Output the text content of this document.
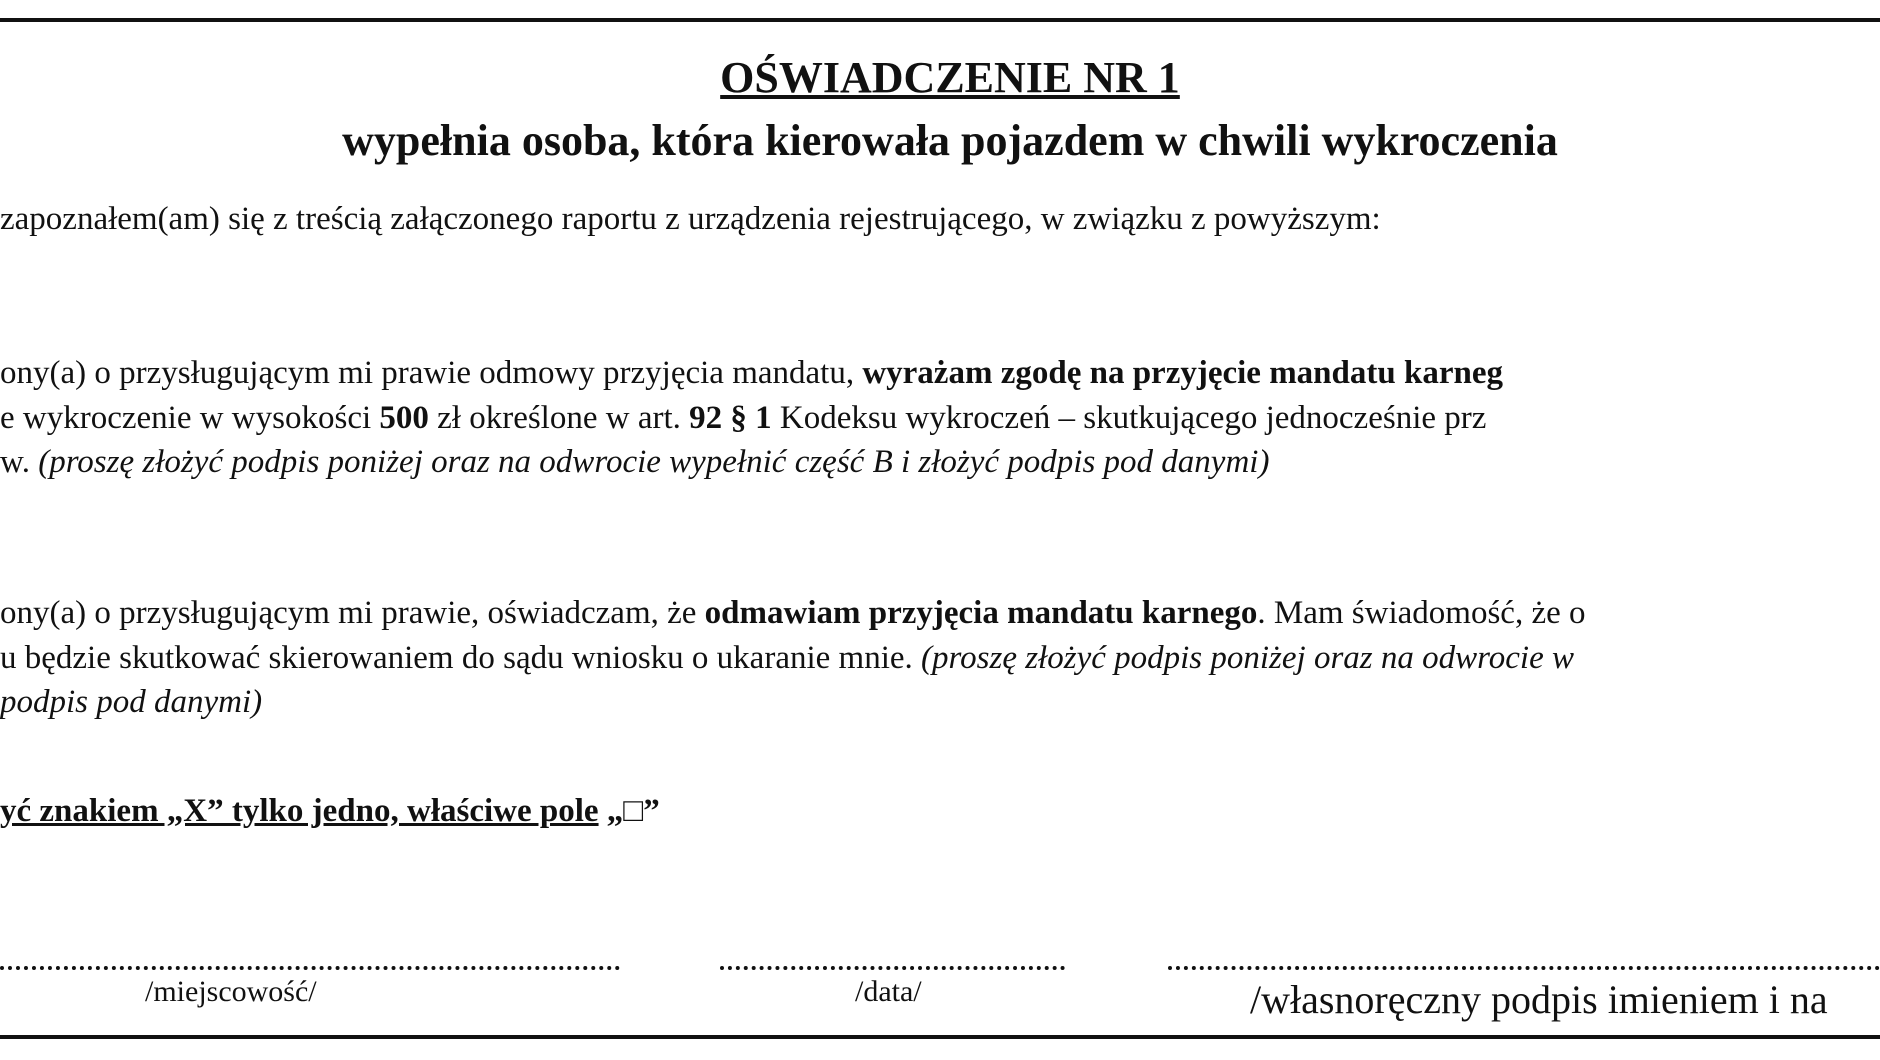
OŚWIADCZENIE NR 1
wypełnia osoba, która kierowała pojazdem w chwili wykroczenia
zapoznałem(am) się z treścią załączonego raportu z urządzenia rejestrującego, w związku z powyższym:
ony(a) o przysługującym mi prawie odmowy przyjęcia mandatu, wyrażam zgodę na przyjęcie mandatu karneg
e wykroczenie w wysokości 500 zł określone w art. 92 § 1 Kodeksu wykroczeń – skutkującego jednocześnie prz
w. (proszę złożyć podpis poniżej oraz na odwrocie wypełnić część B i złożyć podpis pod danymi)
ony(a) o przysługującym mi prawie, oświadczam, że odmawiam przyjęcia mandatu karnego. Mam świadomość, że o
u będzie skutkować skierowaniem do sądu wniosku o ukaranie mnie. (proszę złożyć podpis poniżej oraz na odwrocie w
podpis pod danymi)
yć znakiem „X” tylko jedno, właściwe pole „□”
/miejscowość/	/data/	/własnoręczny podpis imieniem i na
